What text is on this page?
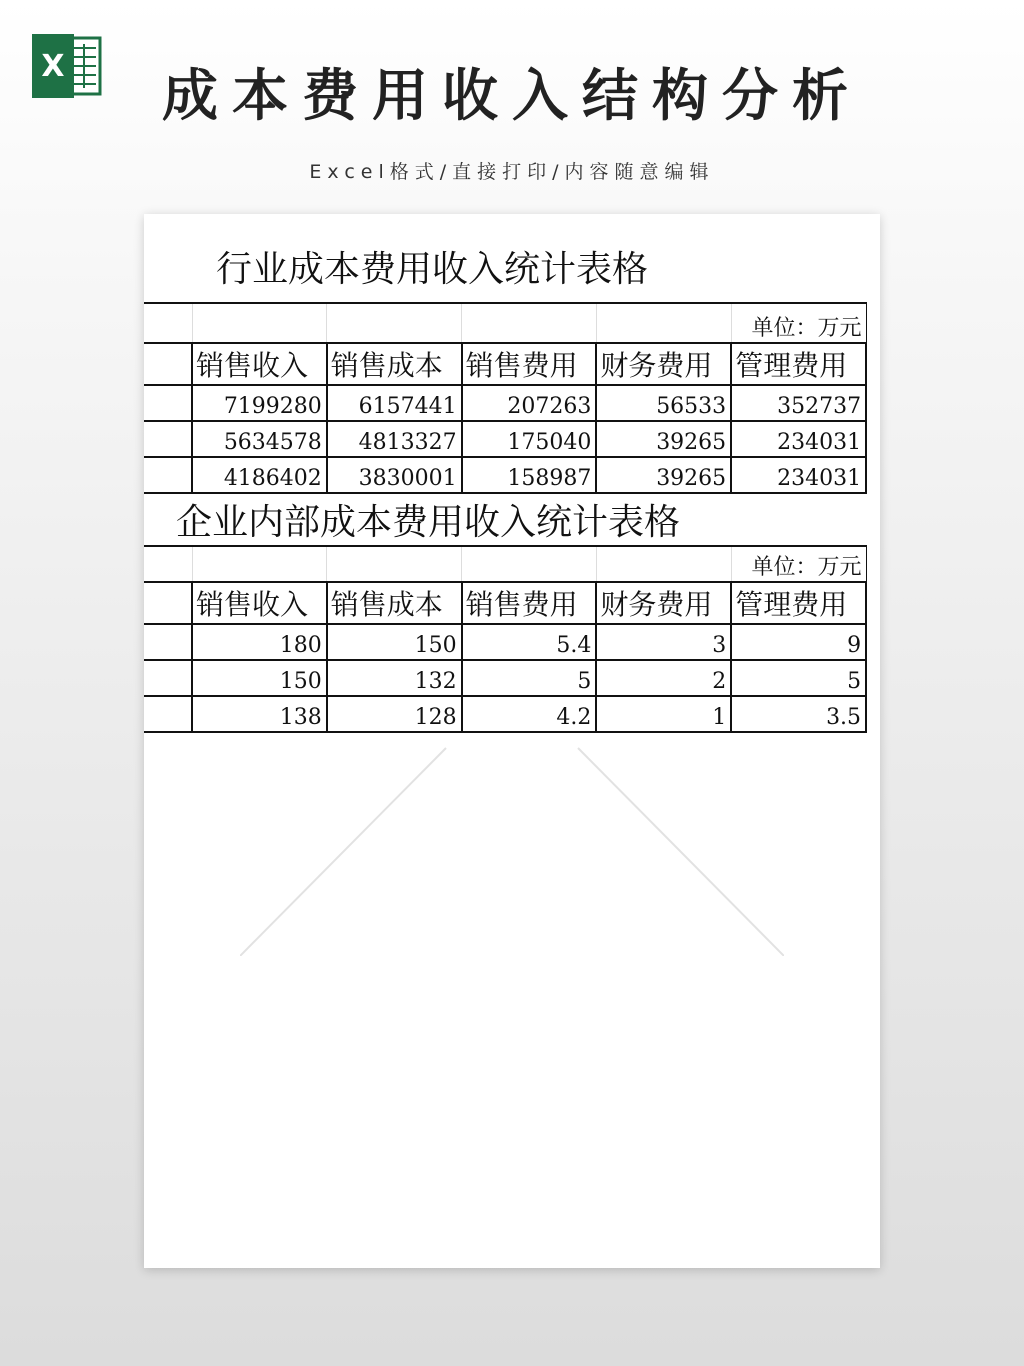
X	成本费用收入结构分析
Excel格式/直接打印/内容随意编辑
行业成本费用收入统计表格					
					单位：万元
	销售收入	销售成本	销售费用	财务费用	管理费用
	7199280	6157441	207263	56533	352737
	5634578	4813327	175040	39265	234031
	4186402	3830001	158987	39265	234031
企业内部成本费用收入统计表格					
					单位：万元
	销售收入	销售成本	销售费用	财务费用	管理费用
	180	150	5.4	3	9
	150	132	5	2	5
	138	128	4.2	1	3.5
